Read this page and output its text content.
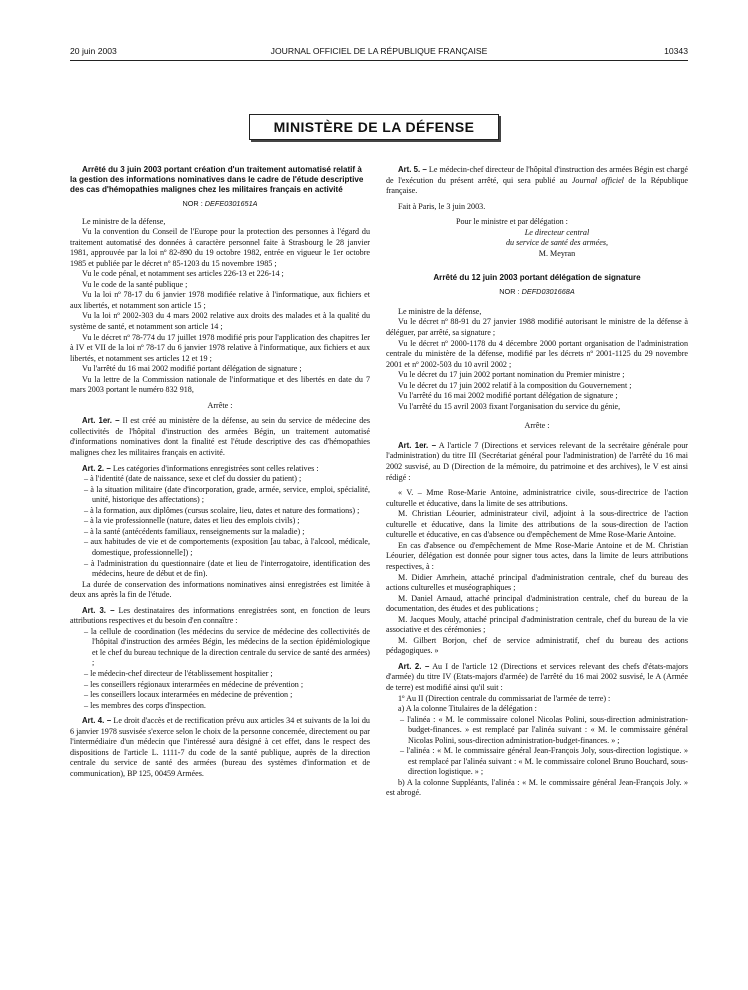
20 juin 2003	JOURNAL OFFICIEL DE LA RÉPUBLIQUE FRANÇAISE	10343
MINISTÈRE DE LA DÉFENSE
Arrêté du 3 juin 2003 portant création d'un traitement automatisé relatif à la gestion des informations nominatives dans le cadre de l'étude descriptive des cas d'hémopathies malignes chez les militaires français en activité
NOR : DEFE0301651A

Le ministre de la défense,

Vu la convention du Conseil de l'Europe pour la protection des personnes à l'égard du traitement automatisé des données à caractère personnel faite à Strasbourg le 28 janvier 1981, approuvée par la loi nº 82-890 du 19 octobre 1982, entrée en vigueur le 1er octobre 1985 et publiée par le décret nº 85-1203 du 15 novembre 1985 ;

Vu le code pénal, et notamment ses articles 226-13 et 226-14 ;

Vu le code de la santé publique ;

Vu la loi nº 78-17 du 6 janvier 1978 modifiée relative à l'informatique, aux fichiers et aux libertés, et notamment son article 15 ;

Vu la loi nº 2002-303 du 4 mars 2002 relative aux droits des malades et à la qualité du système de santé, et notamment son article 14 ;

Vu le décret nº 78-774 du 17 juillet 1978 modifié pris pour l'application des chapitres Ier à IV et VII de la loi nº 78-17 du 6 janvier 1978 relative à l'informatique, aux fichiers et aux libertés, et notamment ses articles 12 et 19 ;

Vu l'arrêté du 16 mai 2002 modifié portant délégation de signature ;

Vu la lettre de la Commission nationale de l'informatique et des libertés en date du 7 mars 2003 portant le numéro 832 918,

Arrête :

Art. 1er. − Il est créé au ministère de la défense, au sein du service de médecine des collectivités de l'hôpital d'instruction des armées Bégin, un traitement automatisé d'informations nominatives dont la finalité est l'étude descriptive des cas d'hémopathies malignes chez les militaires français en activité.

Art. 2. − Les catégories d'informations enregistrées sont celles relatives :

– à l'identité (date de naissance, sexe et clef du dossier du patient) ;

– à la situation militaire (date d'incorporation, grade, armée, service, emploi, spécialité, unité, historique des affectations) ;

– à la formation, aux diplômes (cursus scolaire, lieu, dates et nature des formations) ;

– à la vie professionnelle (nature, dates et lieu des emplois civils) ;

– à la santé (antécédents familiaux, renseignements sur la maladie) ;

– aux habitudes de vie et de comportements (exposition [au tabac, à l'alcool, médicale, domestique, professionnelle]) ;

– à l'administration du questionnaire (date et lieu de l'interrogatoire, identification des médecins, heure de début et de fin).

La durée de conservation des informations nominatives ainsi enregistrées est limitée à deux ans après la fin de l'étude.

Art. 3. − Les destinataires des informations enregistrées sont, en fonction de leurs attributions respectives et du besoin d'en connaître :

– la cellule de coordination (les médecins du service de médecine des collectivités de l'hôpital d'instruction des armées Bégin, les médecins de la section épidémiologique et le chef du bureau technique de la direction centrale du service de santé des armées) ;

– le médecin-chef directeur de l'établissement hospitalier ;

– les conseillers régionaux interarmées en médecine de prévention ;

– les conseillers locaux interarmées en médecine de prévention ;

– les membres des corps d'inspection.

Art. 4. − Le droit d'accès et de rectification prévu aux articles 34 et suivants de la loi du 6 janvier 1978 susvisée s'exerce selon le choix de la personne concernée, directement ou par l'intermédiaire d'un médecin que l'intéressé aura désigné à cet effet, dans le respect des dispositions de l'article L. 1111-7 du code de la santé publique, auprès de la direction centrale du service de santé des armées (bureau des systèmes d'information et de communication), BP 125, 00459 Armées.

Art. 5. − Le médecin-chef directeur de l'hôpital d'instruction des armées Bégin est chargé de l'exécution du présent arrêté, qui sera publié au Journal officiel de la République française.

Fait à Paris, le 3 juin 2003.

Pour le ministre et par délégation :

Le directeur central

du service de santé des armées,

M. Meyran

Arrêté du 12 juin 2003 portant délégation de signature
NOR : DEFD0301668A

Le ministre de la défense,

Vu le décret nº 88-91 du 27 janvier 1988 modifié autorisant le ministre de la défense à déléguer, par arrêté, sa signature ;

Vu le décret nº 2000-1178 du 4 décembre 2000 portant organisation de l'administration centrale du ministère de la défense, modifié par les décrets nº 2001-1125 du 29 novembre 2001 et nº 2002-503 du 10 avril 2002 ;

Vu le décret du 17 juin 2002 portant nomination du Premier ministre ;

Vu le décret du 17 juin 2002 relatif à la composition du Gouvernement ;

Vu l'arrêté du 16 mai 2002 modifié portant délégation de signature ;

Vu l'arrêté du 15 avril 2003 fixant l'organisation du service du génie,

Arrête :

Art. 1er. − A l'article 7 (Directions et services relevant de la secrétaire générale pour l'administration) du titre III (Secrétariat général pour l'administration) de l'arrêté du 16 mai 2002 susvisé, au D (Direction de la mémoire, du patrimoine et des archives), le V est ainsi rédigé :

« V. – Mme Rose-Marie Antoine, administratrice civile, sous-directrice de l'action culturelle et éducative, dans la limite de ses attributions.

M. Christian Léourier, administrateur civil, adjoint à la sous-directrice de l'action culturelle et éducative, dans la limite des attributions de la sous-direction de l'action culturelle et éducative, en cas d'absence ou d'empêchement de Mme Rose-Marie Antoine.

En cas d'absence ou d'empêchement de Mme Rose-Marie Antoine et de M. Christian Léourier, délégation est donnée pour signer tous actes, dans la limite de leurs attributions respectives, à :

M. Didier Amrhein, attaché principal d'administration centrale, chef du bureau des actions culturelles et muséographiques ;

M. Daniel Arnaud, attaché principal d'administration centrale, chef du bureau de la documentation, des études et des publications ;

M. Jacques Mouly, attaché principal d'administration centrale, chef du bureau de la vie associative et des cérémonies ;

M. Gilbert Borjon, chef de service administratif, chef du bureau des actions pédagogiques. »

Art. 2. − Au I de l'article 12 (Directions et services relevant des chefs d'états-majors d'armée) du titre IV (Etats-majors d'armée) de l'arrêté du 16 mai 2002 susvisé, le A (Armée de terre) est modifié ainsi qu'il suit :

1º Au II (Direction centrale du commissariat de l'armée de terre) :

a) A la colonne Titulaires de la délégation :

– l'alinéa : « M. le commissaire colonel Nicolas Polini, sous-direction administration-budget-finances. » est remplacé par l'alinéa suivant : « M. le commissaire général Nicolas Polini, sous-direction administration-budget-finances. » ;

– l'alinéa : « M. le commissaire général Jean-François Joly, sous-direction logistique. » est remplacé par l'alinéa suivant : « M. le commissaire colonel Bruno Bouchard, sous-direction logistique. » ;

b) A la colonne Suppléants, l'alinéa : « M. le commissaire général Jean-François Joly. » est abrogé.
